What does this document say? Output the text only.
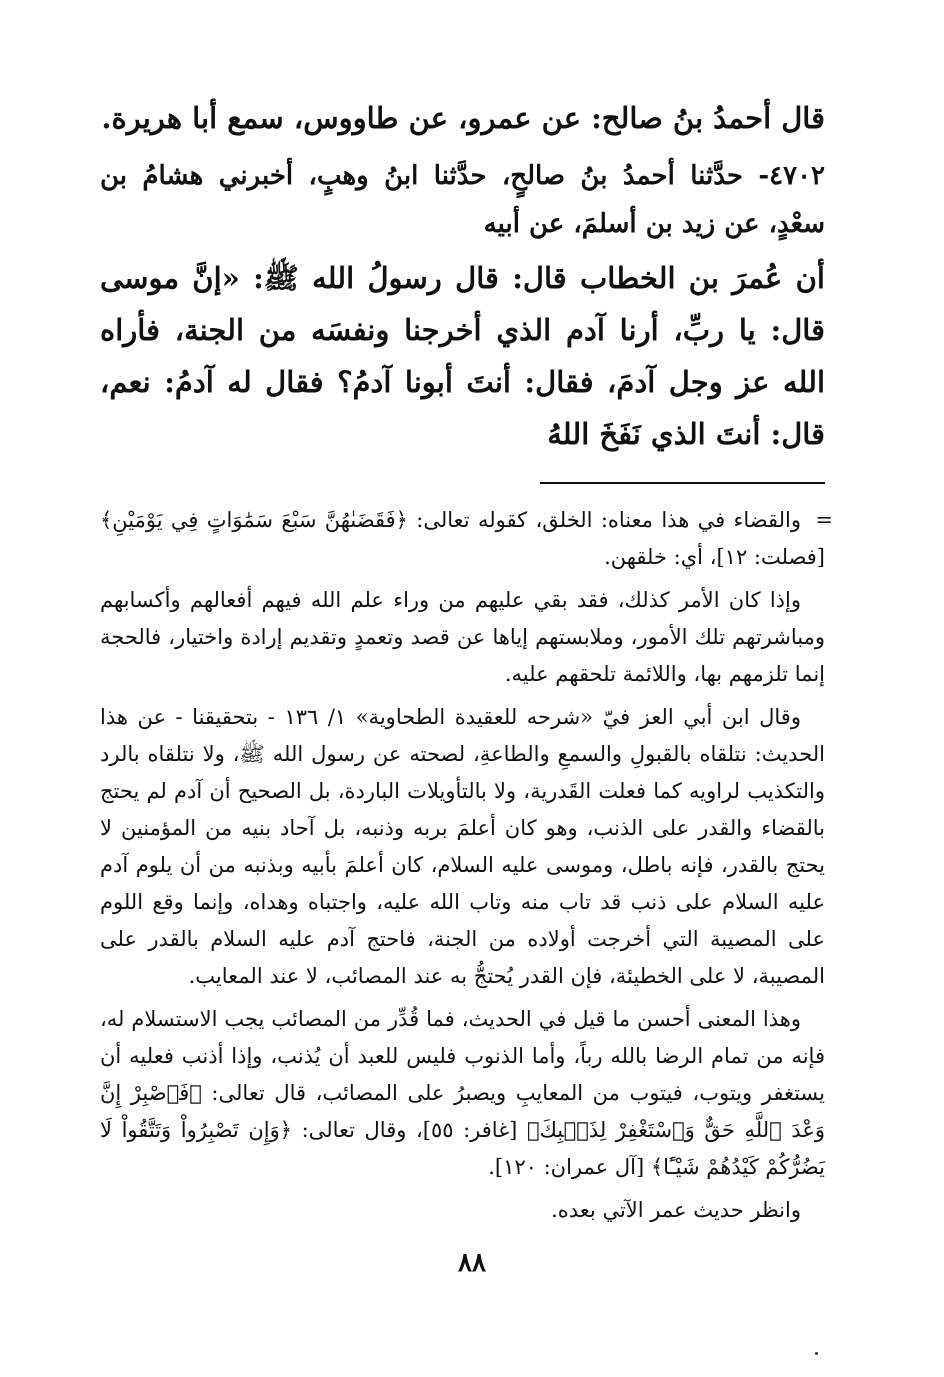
قال أحمدُ بنُ صالح: عن عمرو، عن طاووس، سمع أبا هريرة.

٤٧٠٢- حدَّثنا أحمدُ بنُ صالحٍ، حدَّثنا ابنُ وهبٍ، أخبرني هشامُ بن سعْدٍ، عن زيد بن أسلمَ، عن أبيه

أن عُمرَ بن الخطاب قال: قال رسولُ الله ﷺ: «إنَّ موسى قال: يا ربِّ، أرنا آدم الذي أخرجنا ونفسَه من الجنة، فأراه الله عز وجل آدمَ، فقال: أنتَ أبونا آدمُ؟ فقال له آدمُ: نعم، قال: أنتَ الذي نَفَخَ اللهُ

=
والقضاء في هذا معناه: الخلق، كقوله تعالى: ﴿فَقَضَىٰهُنَّ سَبْعَ سَمَٰوَاتٍ فِي يَوْمَيْنِ﴾ [فصلت: ١٢]، أي: خلقهن.

وإذا كان الأمر كذلك، فقد بقي عليهم من وراء علم الله فيهم أفعالهم وأكسابهم ومباشرتهم تلك الأمور، وملابستهم إياها عن قصد وتعمدٍ وتقديم إرادة واختيار، فالحجة إنما تلزمهم بها، واللائمة تلحقهم عليه.

وقال ابن أبي العز فيّ «شرحه للعقيدة الطحاوية» ١/ ١٣٦ - بتحقيقنا - عن هذا الحديث: نتلقاه بالقبولِ والسمعِ والطاعةِ، لصحته عن رسول الله ﷺ، ولا نتلقاه بالرد والتكذيب لراويه كما فعلت القَدرية، ولا بالتأويلات الباردة، بل الصحيح أن آدم لم يحتج بالقضاء والقدر على الذنب، وهو كان أعلمَ بربه وذنبه، بل آحاد بنيه من المؤمنين لا يحتج بالقدر، فإنه باطل، وموسى عليه السلام، كان أعلمَ بأبيه وبذنبه من أن يلوم آدم عليه السلام على ذنب قد تاب منه وتاب الله عليه، واجتباه وهداه، وإنما وقع اللوم على المصيبة التي أخرجت أولاده من الجنة، فاحتج آدم عليه السلام بالقدر على المصيبة، لا على الخطيئة، فإن القدر يُحتجُّ به عند المصائب، لا عند المعايب.

وهذا المعنى أحسن ما قيل في الحديث، فما قُدِّر من المصائب يجب الاستسلام له، فإنه من تمام الرضا بالله رباً، وأما الذنوب فليس للعبد أن يُذنب، وإذا أذنب فعليه أن يستغفر ويتوب، فيتوب من المعايبِ ويصبرُ على المصائب، قال تعالى: ﴿فَٱصْبِرْ إِنَّ وَعْدَ ٱللَّهِ حَقٌّ وَٱسْتَغْفِرْ لِذَنۢبِكَ﴾ [غافر: ٥٥]، وقال تعالى: ﴿وَإِن تَصْبِرُواْ وَتَتَّقُواْ لَا يَضُرُّكُمْ كَيْدُهُمْ شَيْـًٔا﴾ [آل عمران: ١٢٠].

وانظر حديث عمر الآتي بعده.

٨٨
